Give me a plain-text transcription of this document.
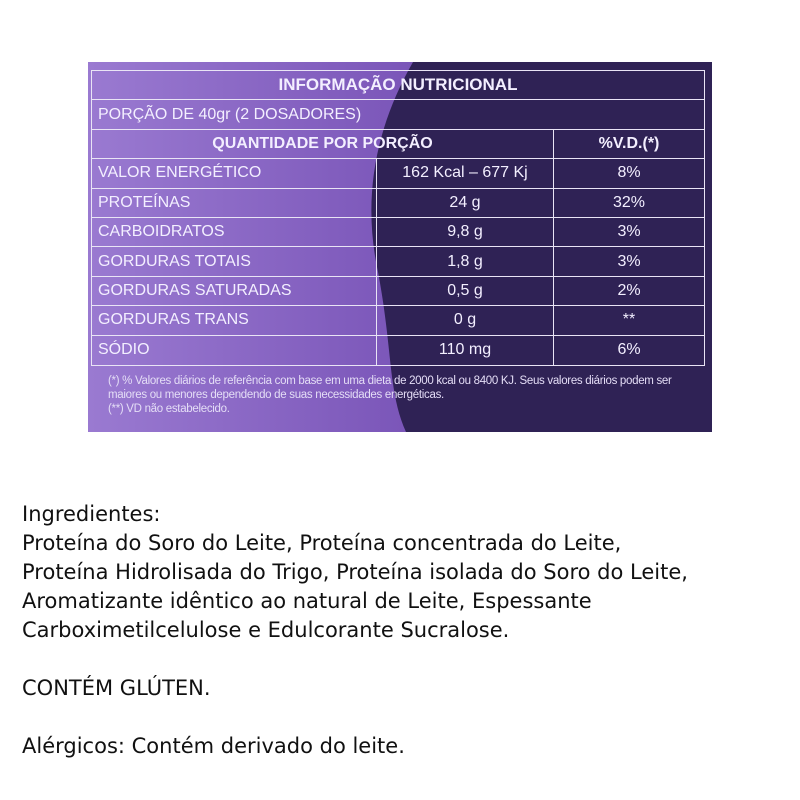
INFORMAÇÃO NUTRICIONAL
PORÇÃO DE 40gr (2 DOSADORES)
QUANTIDADE POR PORÇÃO	%V.D.(*)
VALOR ENERGÉTICO	162 Kcal – 677 Kj	8%
PROTEÍNAS	24 g	32%
CARBOIDRATOS	9,8 g	3%
GORDURAS TOTAIS	1,8 g	3%
GORDURAS SATURADAS	0,5 g	2%
GORDURAS TRANS	0 g	**
SÓDIO	110 mg	6%
(*) % Valores diários de referência com base em uma dieta de 2000 kcal ou 8400 KJ. Seus valores diários podem ser maiores ou menores dependendo de suas necessidades energéticas.
(**) VD não estabelecido.

Ingredientes:

Proteína do Soro do Leite, Proteína concentrada do Leite,

Proteína Hidrolisada do Trigo, Proteína isolada do Soro do Leite,

Aromatizante idêntico ao natural de Leite, Espessante

Carboximetilcelulose e Edulcorante Sucralose.

CONTÉM GLÚTEN.

Alérgicos: Contém derivado do leite.
